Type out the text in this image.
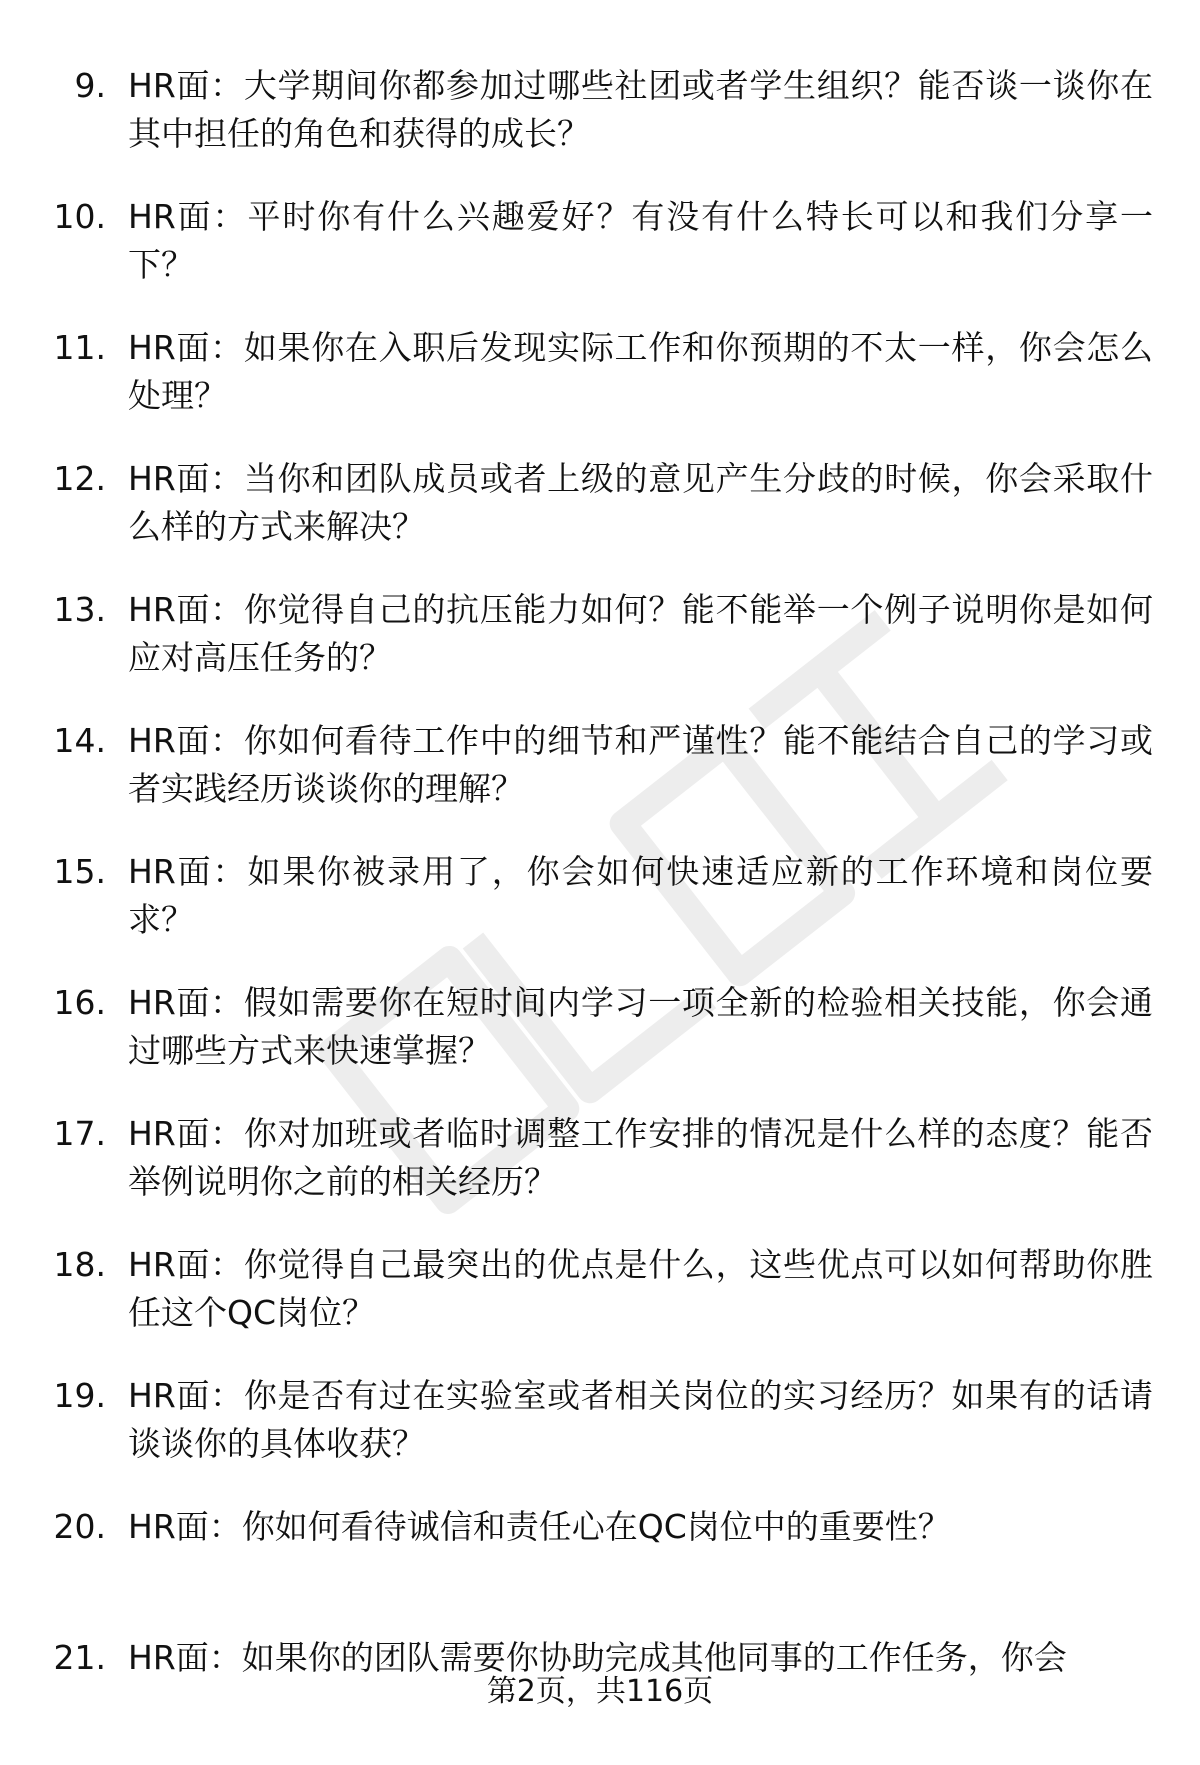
9. HR面：大学期间你都参加过哪些社团或者学生组织？能否谈一谈你在其中担任的角色和获得的成长？

10. HR面：平时你有什么兴趣爱好？有没有什么特长可以和我们分享一下？

11. HR面：如果你在入职后发现实际工作和你预期的不太一样，你会怎么处理？

12. HR面：当你和团队成员或者上级的意见产生分歧的时候，你会采取什么样的方式来解决？

13. HR面：你觉得自己的抗压能力如何？能不能举一个例子说明你是如何应对高压任务的？

14. HR面：你如何看待工作中的细节和严谨性？能不能结合自己的学习或者实践经历谈谈你的理解？

15. HR面：如果你被录用了，你会如何快速适应新的工作环境和岗位要求？

16. HR面：假如需要你在短时间内学习一项全新的检验相关技能，你会通过哪些方式来快速掌握？

17. HR面：你对加班或者临时调整工作安排的情况是什么样的态度？能否举例说明你之前的相关经历？

18. HR面：你觉得自己最突出的优点是什么，这些优点可以如何帮助你胜任这个QC岗位？

19. HR面：你是否有过在实验室或者相关岗位的实习经历？如果有的话请谈谈你的具体收获？

20. HR面：你如何看待诚信和责任心在QC岗位中的重要性？

21. HR面：如果你的团队需要你协助完成其他同事的工作任务，你会

第2页，共116页
